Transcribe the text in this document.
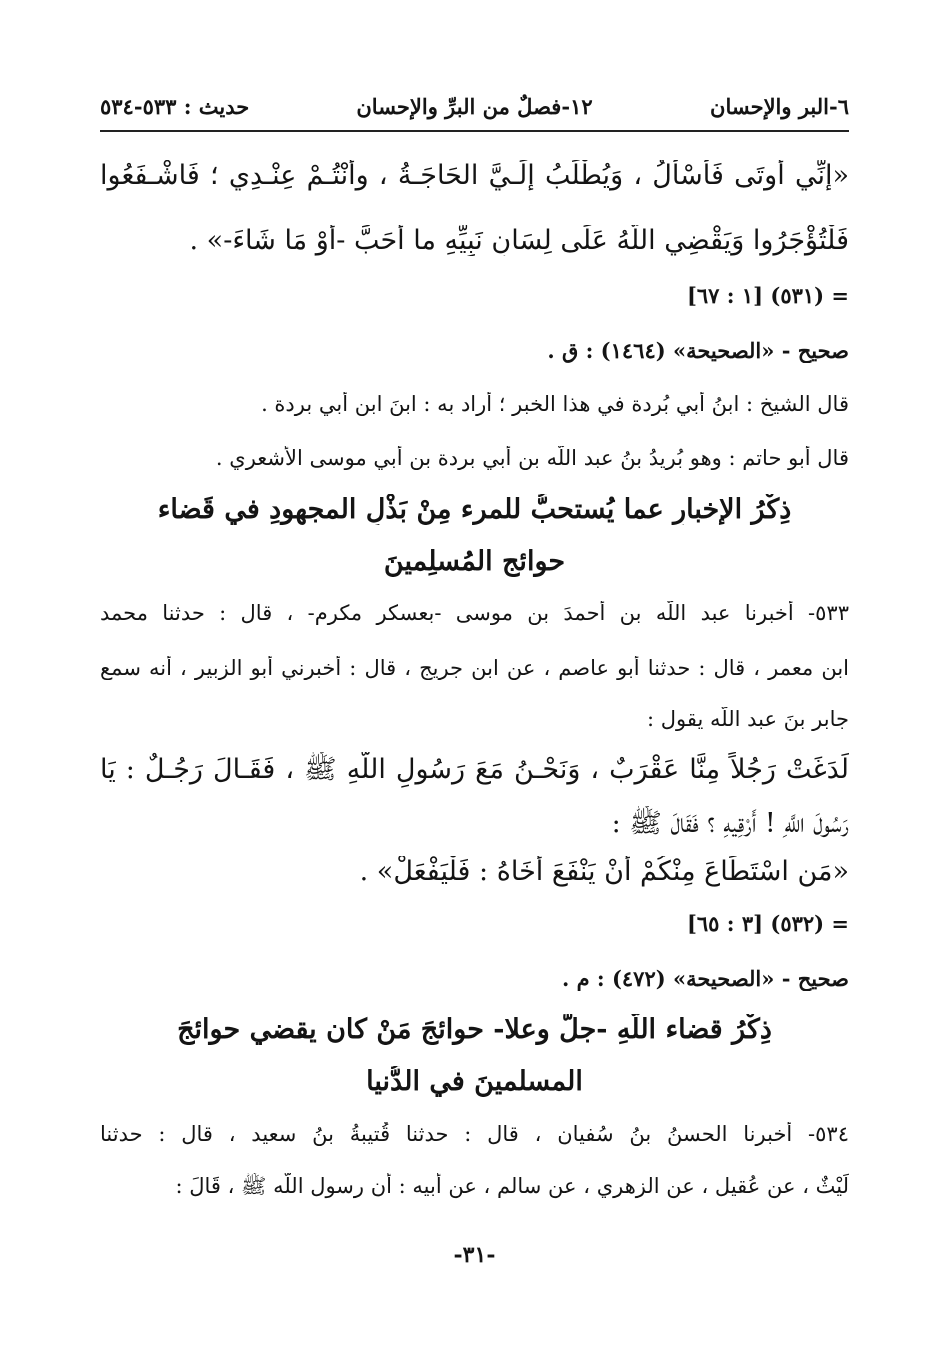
٦-البر والإحسان
١٢-فصلٌ من البرِّ والإحسان
حديث : ٥٣٣-٥٣٤
«إنِّي أُوتَى فَأُسْأَلُ ، وَيُطْلَبُ إلَـيَّ الحَاجَـةُ ، وأَنْتُـمْ عِنْـدِي ؛ فَاشْـفَعُوا
فَلْتُؤْجَرُوا وَيَقْضِي اللَّهُ عَلَى لِسَانِ نَبِيِّهِ ما أَحَبَّ -أَوْ مَا شَاءَ-» .
= (٥٣١) [١ : ٦٧]
صحيح - «الصحيحة» (١٤٦٤) : ق .
قال الشيخ : ابنُ أبي بُردة في هذا الخبر ؛ أراد به : ابنَ ابنِ أبي بردة .
قال أبو حاتم : وهو بُريدُ بنُ عبد اللَّه بن أبي بردة بن أبي موسى الأشعري .
ذِكْرُ الإخبارِ عما يُستحبُّ للمرء مِنْ بَذْلِ المجهودِ في قَضاء
حوائجِ المُسلِمينَ
٥٣٣- أخبرنا عبد اللَّه بن أحمدَ بن موسى -بعسكر مكرم- ، قال : حدثنا محمد
ابن معمر ، قال : حدثنا أبو عاصم ، عن ابن جريج ، قال : أخبرني أبو الزبير ، أنه سمع
جابر بنَ عبد اللَّه يقول :
لَدَغَتْ رَجُلاً مِنَّا عَقْرَبٌ ، وَنَحْـنُ مَعَ رَسُولِ اللَّهِ ﷺ ، فَقَـالَ رَجُـلٌ : يَا
رَسُولَ اللَّهِ ! أَرْقِيهِ ؟ فَقَالَ ﷺ :
«مَنِ اسْتَطَاعَ مِنْكُمْ أَنْ يَنْفَعَ أَخَاهُ : فَلْيَفْعَلْ» .
= (٥٣٢) [٣ : ٦٥]
صحيح - «الصحيحة» (٤٧٢) : م .
ذِكْرُ قضاء اللَّهِ -جلَّ وعلا- حوائجَ مَنْ كان يقضي حوائجَ
المسلمينَ في الدُّنيا
٥٣٤- أخبرنا الحسنُ بنُ سُفيان ، قال : حدثنا قُتيبةُ بنُ سعيد ، قال : حدثنا
لَيْثٌ ، عن عُقيل ، عن الزهري ، عن سالم ، عن أبيه : أن رسول اللَّه ﷺ ، قَالَ :
-٣١-
